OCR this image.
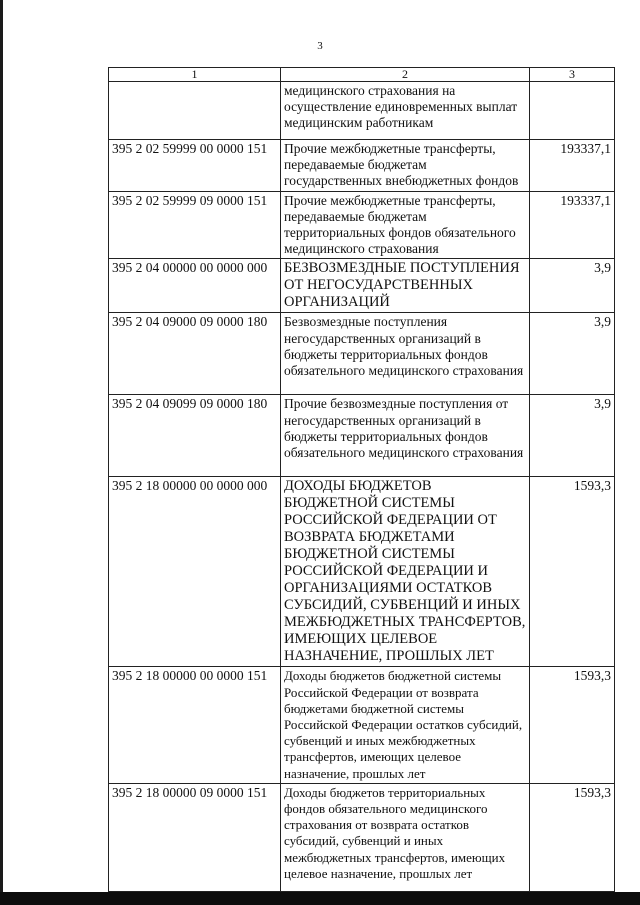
3
1	2	3
	медицинского страхования на осуществление единовременных выплат медицинским работникам	
395 2 02 59999 00 0000 151	Прочие межбюджетные трансферты, передаваемые бюджетам государственных внебюджетных фондов	193337,1
395 2 02 59999 09 0000 151	Прочие межбюджетные трансферты, передаваемые бюджетам территориальных фондов обязательного медицинского страхования	193337,1
395 2 04 00000 00 0000 000	БЕЗВОЗМЕЗДНЫЕ ПОСТУПЛЕНИЯ ОТ НЕГОСУДАРСТВЕННЫХ ОРГАНИЗАЦИЙ	3,9
395 2 04 09000 09 0000 180	Безвозмездные поступления негосударственных организаций в бюджеты территориальных фондов обязательного медицинского страхования	3,9
395 2 04 09099 09 0000 180	Прочие безвозмездные поступления от негосударственных организаций в бюджеты территориальных фондов обязательного медицинского страхования	3,9
395 2 18 00000 00 0000 000	ДОХОДЫ БЮДЖЕТОВ БЮДЖЕТНОЙ СИСТЕМЫ РОССИЙСКОЙ ФЕДЕРАЦИИ ОТ ВОЗВРАТА БЮДЖЕТАМИ БЮДЖЕТНОЙ СИСТЕМЫ РОССИЙСКОЙ ФЕДЕРАЦИИ И ОРГАНИЗАЦИЯМИ ОСТАТКОВ СУБСИДИЙ, СУБВЕНЦИЙ И ИНЫХ МЕЖБЮДЖЕТНЫХ ТРАНСФЕРТОВ, ИМЕЮЩИХ ЦЕЛЕВОЕ НАЗНАЧЕНИЕ, ПРОШЛЫХ ЛЕТ	1593,3
395 2 18 00000 00 0000 151	Доходы бюджетов бюджетной системы Российской Федерации от возврата бюджетами бюджетной системы Российской Федерации остатков субсидий, субвенций и иных межбюджетных трансфертов, имеющих целевое назначение, прошлых лет	1593,3
395 2 18 00000 09 0000 151	Доходы бюджетов территориальных фондов обязательного медицинского страхования от возврата остатков субсидий, субвенций и иных межбюджетных трансфертов, имеющих целевое назначение, прошлых лет	1593,3
